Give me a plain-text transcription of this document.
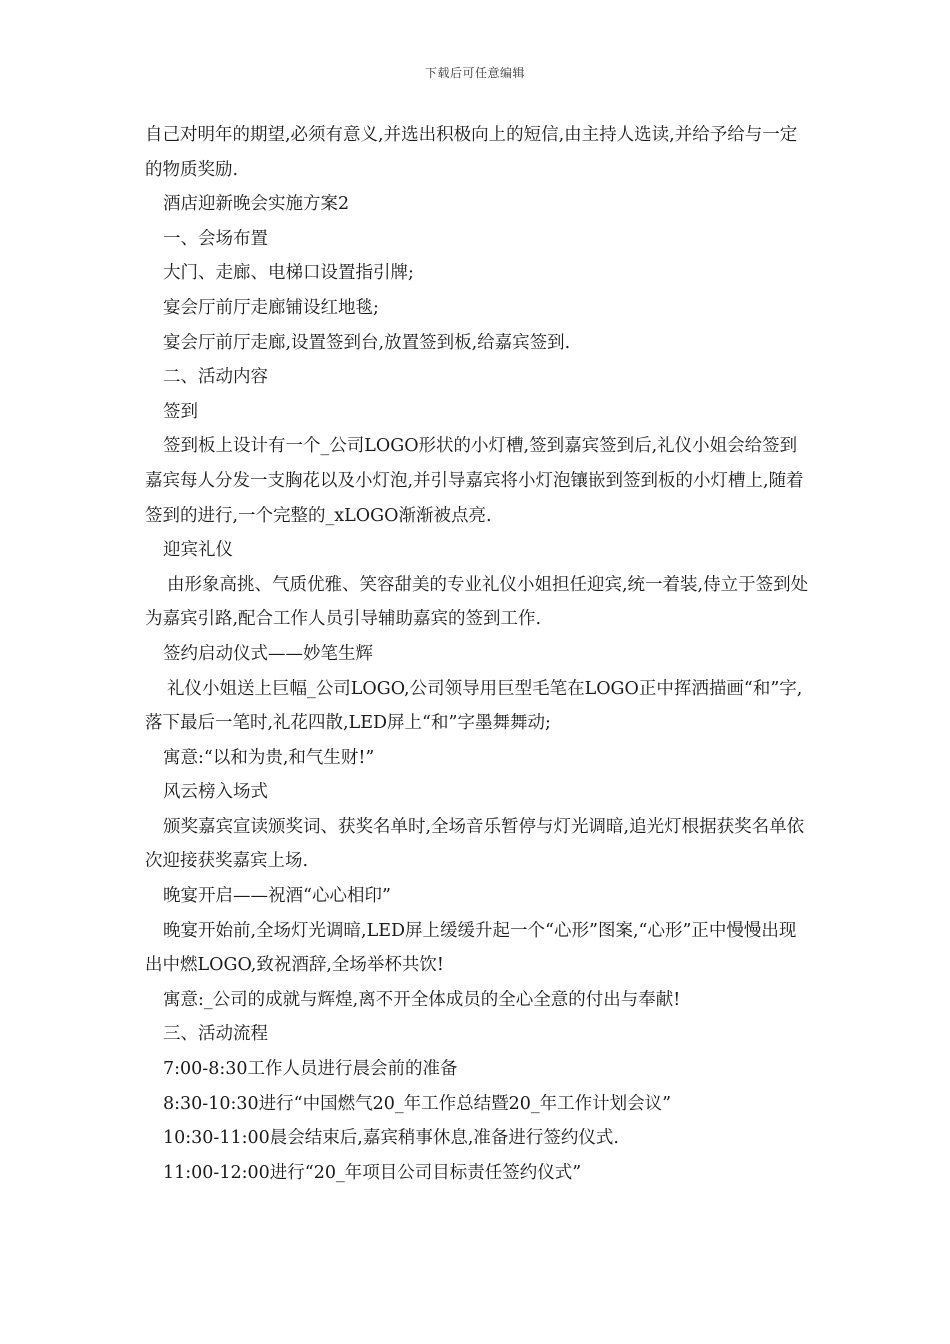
下载后可任意编辑

自己对明年的期望,必须有意义,并选出积极向上的短信,由主持人选读,并给予给与一定的物质奖励.

酒店迎新晚会实施方案2

一、会场布置

大门、走廊、电梯口设置指引牌;

宴会厅前厅走廊铺设红地毯;

宴会厅前厅走廊,设置签到台,放置签到板,给嘉宾签到.

二、活动内容

签到

签到板上设计有一个_公司LOGO形状的小灯槽,签到嘉宾签到后,礼仪小姐会给签到嘉宾每人分发一支胸花以及小灯泡,并引导嘉宾将小灯泡镶嵌到签到板的小灯槽上,随着签到的进行,一个完整的_xLOGO渐渐被点亮.

迎宾礼仪

由形象高挑、气质优雅、笑容甜美的专业礼仪小姐担任迎宾,统一着装,侍立于签到处为嘉宾引路,配合工作人员引导辅助嘉宾的签到工作.

签约启动仪式——妙笔生辉

礼仪小姐送上巨幅_公司LOGO,公司领导用巨型毛笔在LOGO正中挥洒描画“和”字,落下最后一笔时,礼花四散,LED屏上“和”字墨舞舞动;

寓意:“以和为贵,和气生财!”

风云榜入场式

颁奖嘉宾宣读颁奖词、获奖名单时,全场音乐暂停与灯光调暗,追光灯根据获奖名单依次迎接获奖嘉宾上场.

晚宴开启——祝酒“心心相印”

晚宴开始前,全场灯光调暗,LED屏上缓缓升起一个“心形”图案,“心形”正中慢慢出现出中燃LOGO,致祝酒辞,全场举杯共饮!

寓意:_公司的成就与辉煌,离不开全体成员的全心全意的付出与奉献!

三、活动流程

7:00-8:30工作人员进行晨会前的准备

8:30-10:30进行“中国燃气20_年工作总结暨20_年工作计划会议”

10:30-11:00晨会结束后,嘉宾稍事休息,准备进行签约仪式.

11:00-12:00进行“20_年项目公司目标责任签约仪式”
